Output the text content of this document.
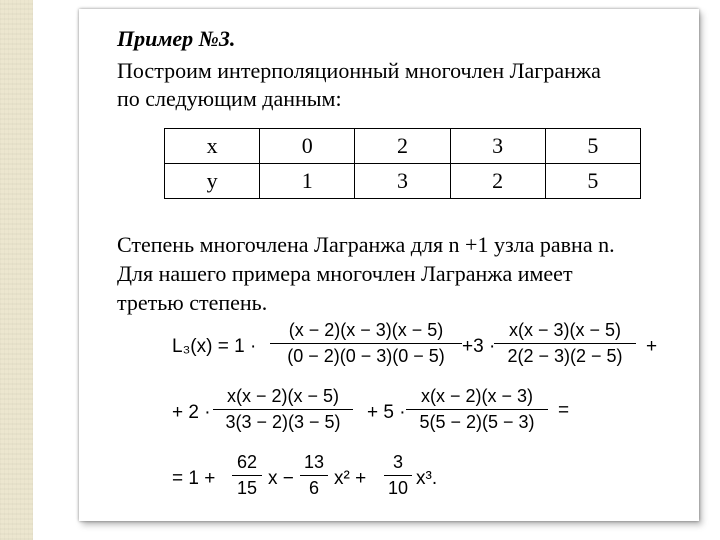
Пример №3.
Построим интерполяционный многочлен Лагранжа
по следующим данным:
x	0	2	3	5
y	1	3	2	5
Степень многочлена Лагранжа для n +1 узла равна n.
Для нашего примера многочлен Лагранжа имеет
третью степень.
$L_3(x) = 1 \cdot \frac{(x - 2)(x - 3)(x - 5)}{(0 - 2)(0 - 3)(0 - 5)} +3$ ·
$\frac{x(x - 3)(x - 5)}{2(2 - 3)(2 - 5)}$ +
+ $2 \cdot \frac{x(x - 2)(x - 5)}{3(3 - 2)(3 - 5)} + 5 \cdot \frac{x(x - 2)(x - 3)}{5(5 - 2)(5 - 3)}$ =
= $1 + \frac{62}{15}$ $x - \frac{13}{6} x^2 + \frac{3}{10} x^3$.
